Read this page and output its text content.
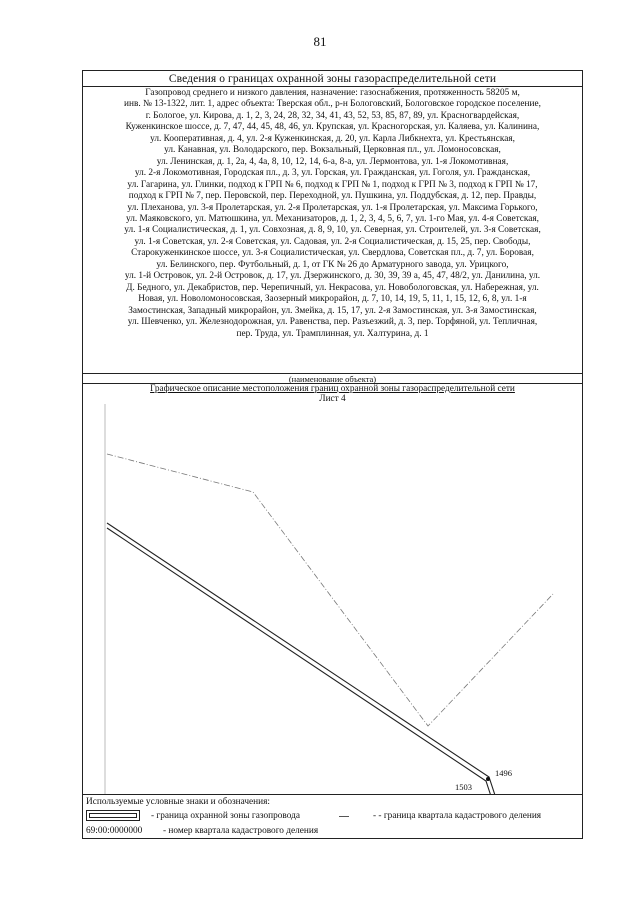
81
Сведения о границах охранной зоны газораспределительной сети
Газопровод среднего и низкого давления, назначение: газоснабжения, протяженность 58205 м,
инв. № 13-1322, лит. 1, адрес объекта: Тверская обл., р-н Бологовский, Бологовское городское поселение,
г. Бологое, ул. Кирова, д. 1, 2, 3, 24, 28, 32, 34, 41, 43, 52, 53, 85, 87, 89, ул. Красногвардейская,
Куженкинское шоссе, д. 7, 47, 44, 45, 48, 46, ул. Крупская, ул. Красногорская, ул. Каляева, ул. Калинина,
ул. Кооперативная, д. 4, ул. 2-я Куженкинская, д. 20, ул. Карла Либкнехта, ул. Крестьянская,
ул. Канавная, ул. Володарского, пер. Вокзальный, Церковная пл., ул. Ломоносовская,
ул. Ленинская, д. 1, 2а, 4, 4а, 8, 10, 12, 14, 6-а, 8-а, ул. Лермонтова, ул. 1-я Локомотивная,
ул. 2-я Локомотивная, Городская пл., д. 3, ул. Горская, ул. Гражданская, ул. Гоголя, ул. Гражданская,
ул. Гагарина, ул. Глинки, подход к ГРП № 6, подход к ГРП № 1, подход к ГРП № 3, подход к ГРП № 17,
подход к ГРП № 7, пер. Перовской, пер. Переходной, ул. Пушкина, ул. Поддубская, д. 12, пер. Правды,
ул. Плеханова, ул. 3-я Пролетарская, ул. 2-я Пролетарская, ул. 1-я Пролетарская, ул. Максима Горького,
ул. Маяковского, ул. Матюшкина, ул. Механизаторов, д. 1, 2, 3, 4, 5, 6, 7, ул. 1-го Мая, ул. 4-я Советская,
ул. 1-я Социалистическая, д. 1, ул. Совхозная, д. 8, 9, 10, ул. Северная, ул. Строителей, ул. 3-я Советская,
ул. 1-я Советская, ул. 2-я Советская, ул. Садовая, ул. 2-я Социалистическая, д. 15, 25, пер. Свободы,
Старокуженкинское шоссе, ул. 3-я Социалистическая, ул. Свердлова, Советская пл., д. 7, ул. Боровая,
ул. Белинского, пер. Футбольный, д. 1, от ГК № 26 до Арматурного завода, ул. Урицкого,
ул. 1-й Островок, ул. 2-й Островок, д. 17, ул. Дзержинского, д. 30, 39, 39 а, 45, 47, 48/2, ул. Данилина, ул.
Д. Бедного, ул. Декабристов, пер. Черепичный, ул. Некрасова, ул. Новобологовская, ул. Набережная, ул.
Новая, ул. Новоломоносовская, Заозерный микрорайон, д. 7, 10, 14, 19, 5, 11, 1, 15, 12, 6, 8, ул. 1-я
Замостинская, Западный микрорайон, ул. Змейка, д. 15, 17, ул. 2-я Замостинская, ул. 3-я Замостинская,
ул. Шевченко, ул. Железнодорожная, ул. Равенства, пер. Разъезжий, д. 3, пер. Торфяной, ул. Тепличная,
пер. Труда, ул. Трамплинная, ул. Халтурина, д. 1
(наименование объекта)
Графическое описание местоположения границ охранной зоны газораспределительной сети
Лист 4
1496
1503
Используемые условные знаки и обозначения:
- граница охранной зоны газопровода	- - граница квартала кадастрового деления
69:00:0000000 - номер квартала кадастрового деления
